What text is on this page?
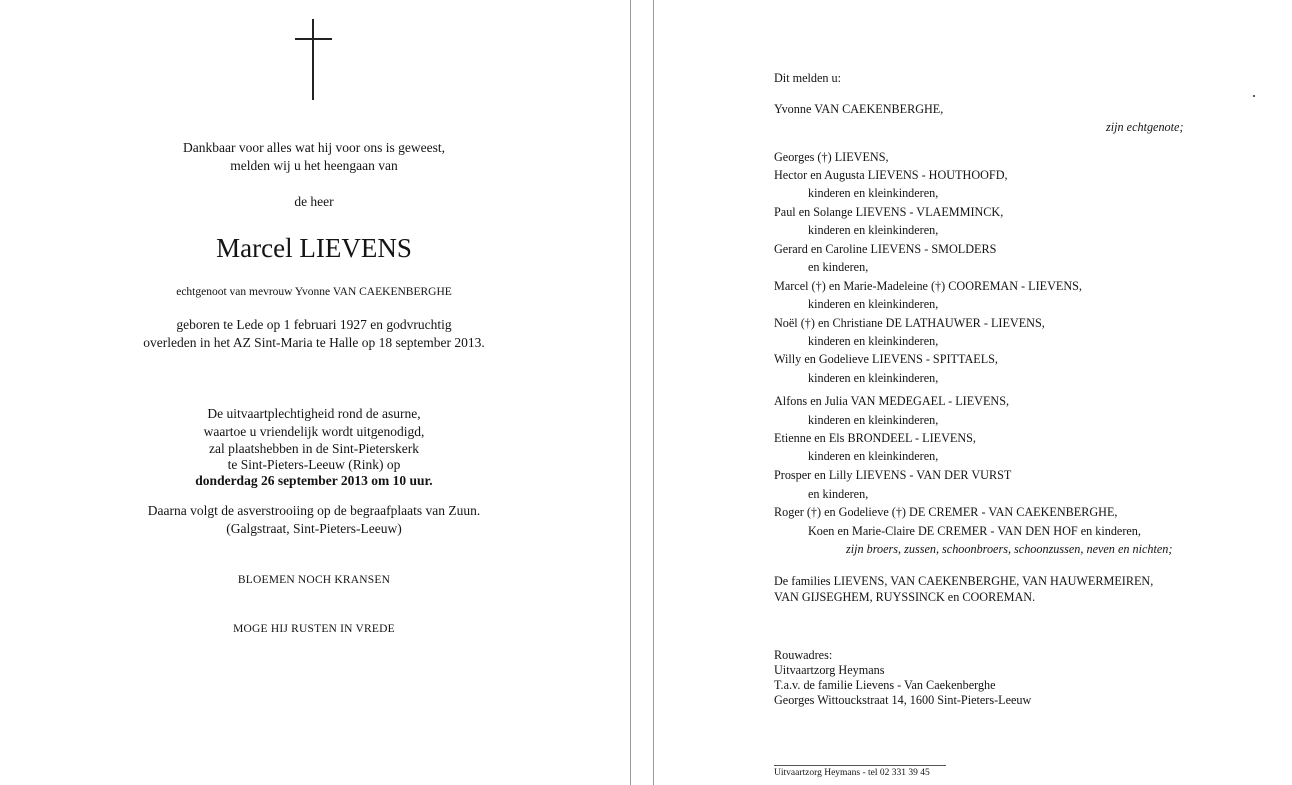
Dankbaar voor alles wat hij voor ons is geweest,
melden wij u het heengaan van
de heer
Marcel LIEVENS
echtgenoot van mevrouw Yvonne VAN CAEKENBERGHE
geboren te Lede op 1 februari 1927 en godvruchtig
overleden in het AZ Sint-Maria te Halle op 18 september 2013.
De uitvaartplechtigheid rond de asurne,
waartoe u vriendelijk wordt uitgenodigd,
zal plaatshebben in de Sint-Pieterskerk
te Sint-Pieters-Leeuw (Rink) op
donderdag 26 september 2013 om 10 uur.
Daarna volgt de asverstrooiing op de begraafplaats van Zuun.
(Galgstraat, Sint-Pieters-Leeuw)
BLOEMEN NOCH KRANSEN
MOGE HIJ RUSTEN IN VREDE
Dit melden u:
Yvonne VAN CAEKENBERGHE,
zijn echtgenote;
Georges (†) LIEVENS,
Hector en Augusta LIEVENS - HOUTHOOFD,
kinderen en kleinkinderen,
Paul en Solange LIEVENS - VLAEMMINCK,
kinderen en kleinkinderen,
Gerard en Caroline LIEVENS - SMOLDERS
en kinderen,
Marcel (†) en Marie-Madeleine (†) COOREMAN - LIEVENS,
kinderen en kleinkinderen,
Noël (†) en Christiane DE LATHAUWER - LIEVENS,
kinderen en kleinkinderen,
Willy en Godelieve LIEVENS - SPITTAELS,
kinderen en kleinkinderen,
Alfons en Julia VAN MEDEGAEL - LIEVENS,
kinderen en kleinkinderen,
Etienne en Els BRONDEEL - LIEVENS,
kinderen en kleinkinderen,
Prosper en Lilly LIEVENS - VAN DER VURST
en kinderen,
Roger (†) en Godelieve (†) DE CREMER - VAN CAEKENBERGHE,
Koen en Marie-Claire DE CREMER - VAN DEN HOF en kinderen,
zijn broers, zussen, schoonbroers, schoonzussen, neven en nichten;
De families LIEVENS, VAN CAEKENBERGHE, VAN HAUWERMEIREN,
VAN GIJSEGHEM, RUYSSINCK en COOREMAN.
Rouwadres:
Uitvaartzorg Heymans
T.a.v. de familie Lievens - Van Caekenberghe
Georges Wittouckstraat 14, 1600 Sint-Pieters-Leeuw
Uitvaartzorg Heymans - tel 02 331 39 45
